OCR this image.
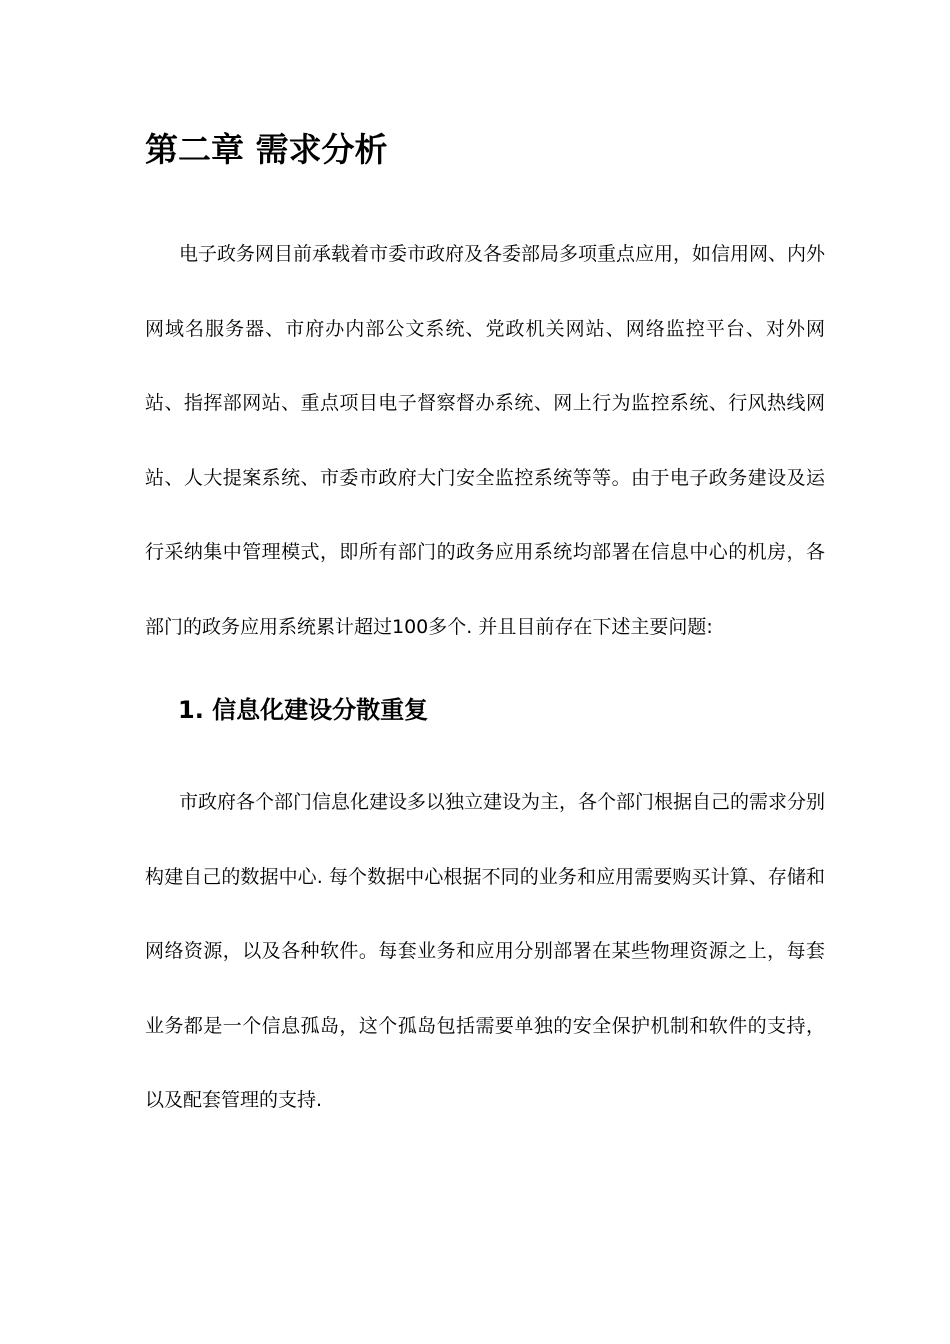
第二章 需求分析

电子政务网目前承载着市委市政府及各委部局多项重点应用，如信用网、内外网域名服务器、市府办内部公文系统、党政机关网站、网络监控平台、对外网站、指挥部网站、重点项目电子督察督办系统、网上行为监控系统、行风热线网站、人大提案系统、市委市政府大门安全监控系统等等。由于电子政务建设及运行采纳集中管理模式，即所有部门的政务应用系统均部署在信息中心的机房，各部门的政务应用系统累计超过100多个. 并且目前存在下述主要问题:

1. 信息化建设分散重复

市政府各个部门信息化建设多以独立建设为主，各个部门根据自己的需求分别构建自己的数据中心. 每个数据中心根据不同的业务和应用需要购买计算、存储和网络资源，以及各种软件。每套业务和应用分别部署在某些物理资源之上，每套业务都是一个信息孤岛，这个孤岛包括需要单独的安全保护机制和软件的支持，以及配套管理的支持.
